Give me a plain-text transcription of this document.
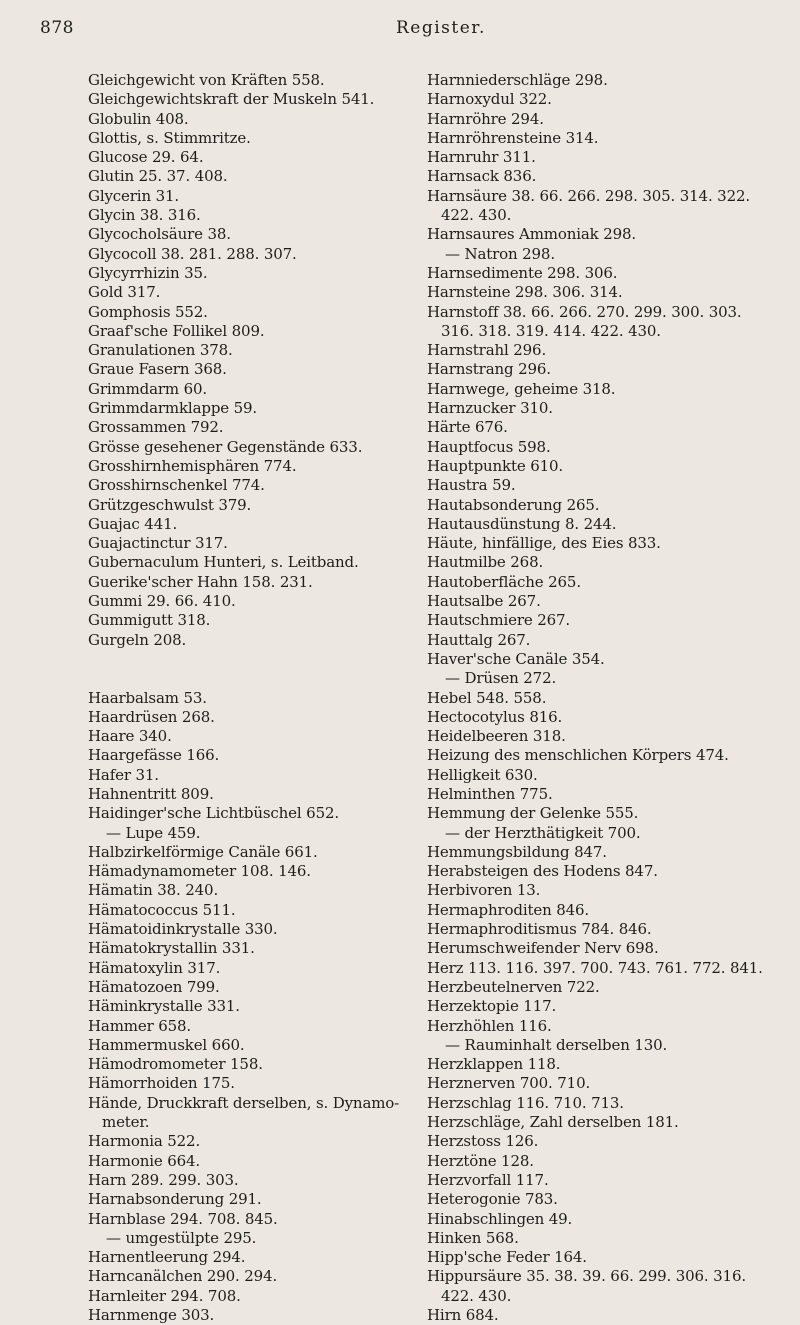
878	Register.
Gleichgewicht von Kräften 558.
Gleichgewichtskraft der Muskeln 541.
Globulin 408.
Glottis, s. Stimmritze.
Glucose 29. 64.
Glutin 25. 37. 408.
Glycerin 31.
Glycin 38. 316.
Glycocholsäure 38.
Glycocoll 38. 281. 288. 307.
Glycyrrhizin 35.
Gold 317.
Gomphosis 552.
Graaf'sche Follikel 809.
Granulationen 378.
Graue Fasern 368.
Grimmdarm 60.
Grimmdarmklappe 59.
Grossammen 792.
Grösse gesehener Gegenstände 633.
Grosshirnhemisphären 774.
Grosshirnschenkel 774.
Grützgeschwulst 379.
Guajac 441.
Guajactinctur 317.
Gubernaculum Hunteri, s. Leitband.
Guerike'scher Hahn 158. 231.
Gummi 29. 66. 410.
Gummigutt 318.
Gurgeln 208.
Haarbalsam 53.
Haardrüsen 268.
Haare 340.
Haargefässe 166.
Hafer 31.
Hahnentritt 809.
Haidinger'sche Lichtbüschel 652.
— Lupe 459.
Halbzirkelförmige Canäle 661.
Hämadynamometer 108. 146.
Hämatin 38. 240.
Hämatococcus 511.
Hämatoidinkrystalle 330.
Hämatokrystallin 331.
Hämatoxylin 317.
Hämatozoen 799.
Häminkrystalle 331.
Hammer 658.
Hammermuskel 660.
Hämodromometer 158.
Hämorrhoiden 175.
Hände, Druckkraft derselben, s. Dynamo-
meter.
Harmonia 522.
Harmonie 664.
Harn 289. 299. 303.
Harnabsonderung 291.
Harnblase 294. 708. 845.
— umgestülpte 295.
Harnentleerung 294.
Harncanälchen 290. 294.
Harnleiter 294. 708.
Harnmenge 303.
Harnniederschläge 298.
Harnoxydul 322.
Harnröhre 294.
Harnröhrensteine 314.
Harnruhr 311.
Harnsack 836.
Harnsäure 38. 66. 266. 298. 305. 314. 322.
422. 430.
Harnsaures Ammoniak 298.
— Natron 298.
Harnsedimente 298. 306.
Harnsteine 298. 306. 314.
Harnstoff 38. 66. 266. 270. 299. 300. 303.
316. 318. 319. 414. 422. 430.
Harnstrahl 296.
Harnstrang 296.
Harnwege, geheime 318.
Harnzucker 310.
Härte 676.
Hauptfocus 598.
Hauptpunkte 610.
Haustra 59.
Hautabsonderung 265.
Hautausdünstung 8. 244.
Häute, hinfällige, des Eies 833.
Hautmilbe 268.
Hautoberfläche 265.
Hautsalbe 267.
Hautschmiere 267.
Hauttalg 267.
Haver'sche Canäle 354.
— Drüsen 272.
Hebel 548. 558.
Hectocotylus 816.
Heidelbeeren 318.
Heizung des menschlichen Körpers 474.
Helligkeit 630.
Helminthen 775.
Hemmung der Gelenke 555.
— der Herzthätigkeit 700.
Hemmungsbildung 847.
Herabsteigen des Hodens 847.
Herbivoren 13.
Hermaphroditen 846.
Hermaphroditismus 784. 846.
Herumschweifender Nerv 698.
Herz 113. 116. 397. 700. 743. 761. 772. 841.
Herzbeutelnerven 722.
Herzektopie 117.
Herzhöhlen 116.
— Rauminhalt derselben 130.
Herzklappen 118.
Herznerven 700. 710.
Herzschlag 116. 710. 713.
Herzschläge, Zahl derselben 181.
Herzstoss 126.
Herztöne 128.
Herzvorfall 117.
Heterogonie 783.
Hinabschlingen 49.
Hinken 568.
Hipp'sche Feder 164.
Hippursäure 35. 38. 39. 66. 299. 306. 316.
422. 430.
Hirn 684.
